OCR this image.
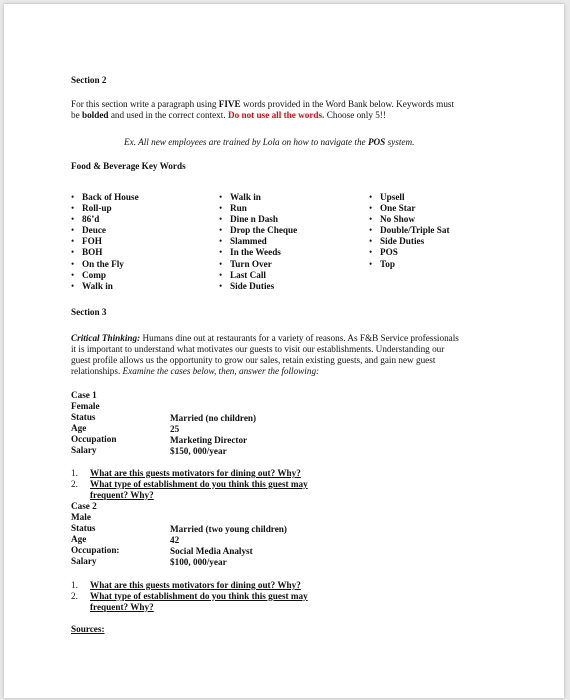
Section 2
For this section write a paragraph using FIVE words provided in the Word Bank below. Keywords must
be bolded and used in the correct context. Do not use all the words. Choose only 5!!
Ex. All new employees are trained by Lola on how to navigate the POS system.
Food & Beverage Key Words
• Back of House
• Roll-up
• 86’d
• Deuce
• FOH
• BOH
• On the Fly
• Comp
• Walk in
• Walk in
• Run
• Dine n Dash
• Drop the Cheque
• Slammed
• In the Weeds
• Turn Over
• Last Call
• Side Duties
• Upsell
• One Star
• No Show
• Double/Triple Sat
• Side Duties
• POS
• Top
Section 3
Critical Thinking: Humans dine out at restaurants for a variety of reasons. As F&B Service professionals
it is important to understand what motivates our guests to visit our establishments. Understanding our
guest profile allows us the opportunity to grow our sales, retain existing guests, and gain new guest
relationships. Examine the cases below, then, answer the following:
Case 1
Female
Status	Married (no children)
Age	25
Occupation	Marketing Director
Salary	$150, 000/year
1. What are this guests motivators for dining out? Why?
2. What type of establishment do you think this guest may
frequent? Why?
Case 2
Male
Status	Married (two young children)
Age	42
Occupation:	Social Media Analyst
Salary	$100, 000/year
1. What are this guests motivators for dining out? Why?
2. What type of establishment do you think this guest may
frequent? Why?
Sources:
